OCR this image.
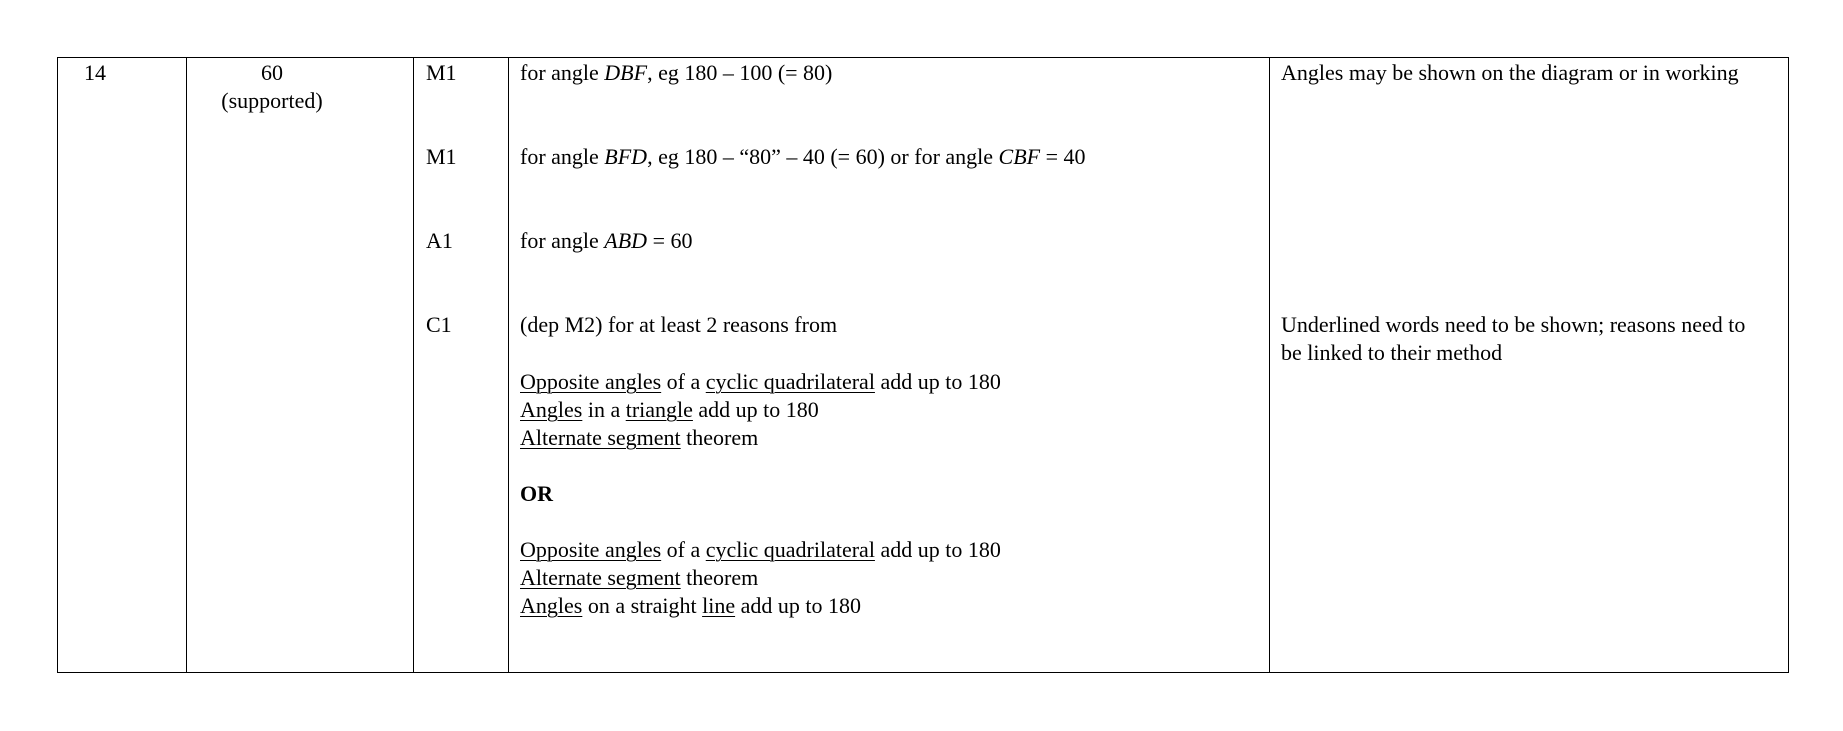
14	60
(supported)
M1
M1
A1
C1
for angle DBF, eg 180 – 100 (= 80)
for angle BFD, eg 180 – “80” – 40 (= 60) or for angle CBF = 40
for angle ABD = 60
(dep M2) for at least 2 reasons from
Opposite angles of a cyclic quadrilateral add up to 180
Angles in a triangle add up to 180
Alternate segment theorem
OR
Opposite angles of a cyclic quadrilateral add up to 180
Alternate segment theorem
Angles on a straight line add up to 180
Angles may be shown on the diagram or in working
Underlined words need to be shown; reasons need to be linked to their method
